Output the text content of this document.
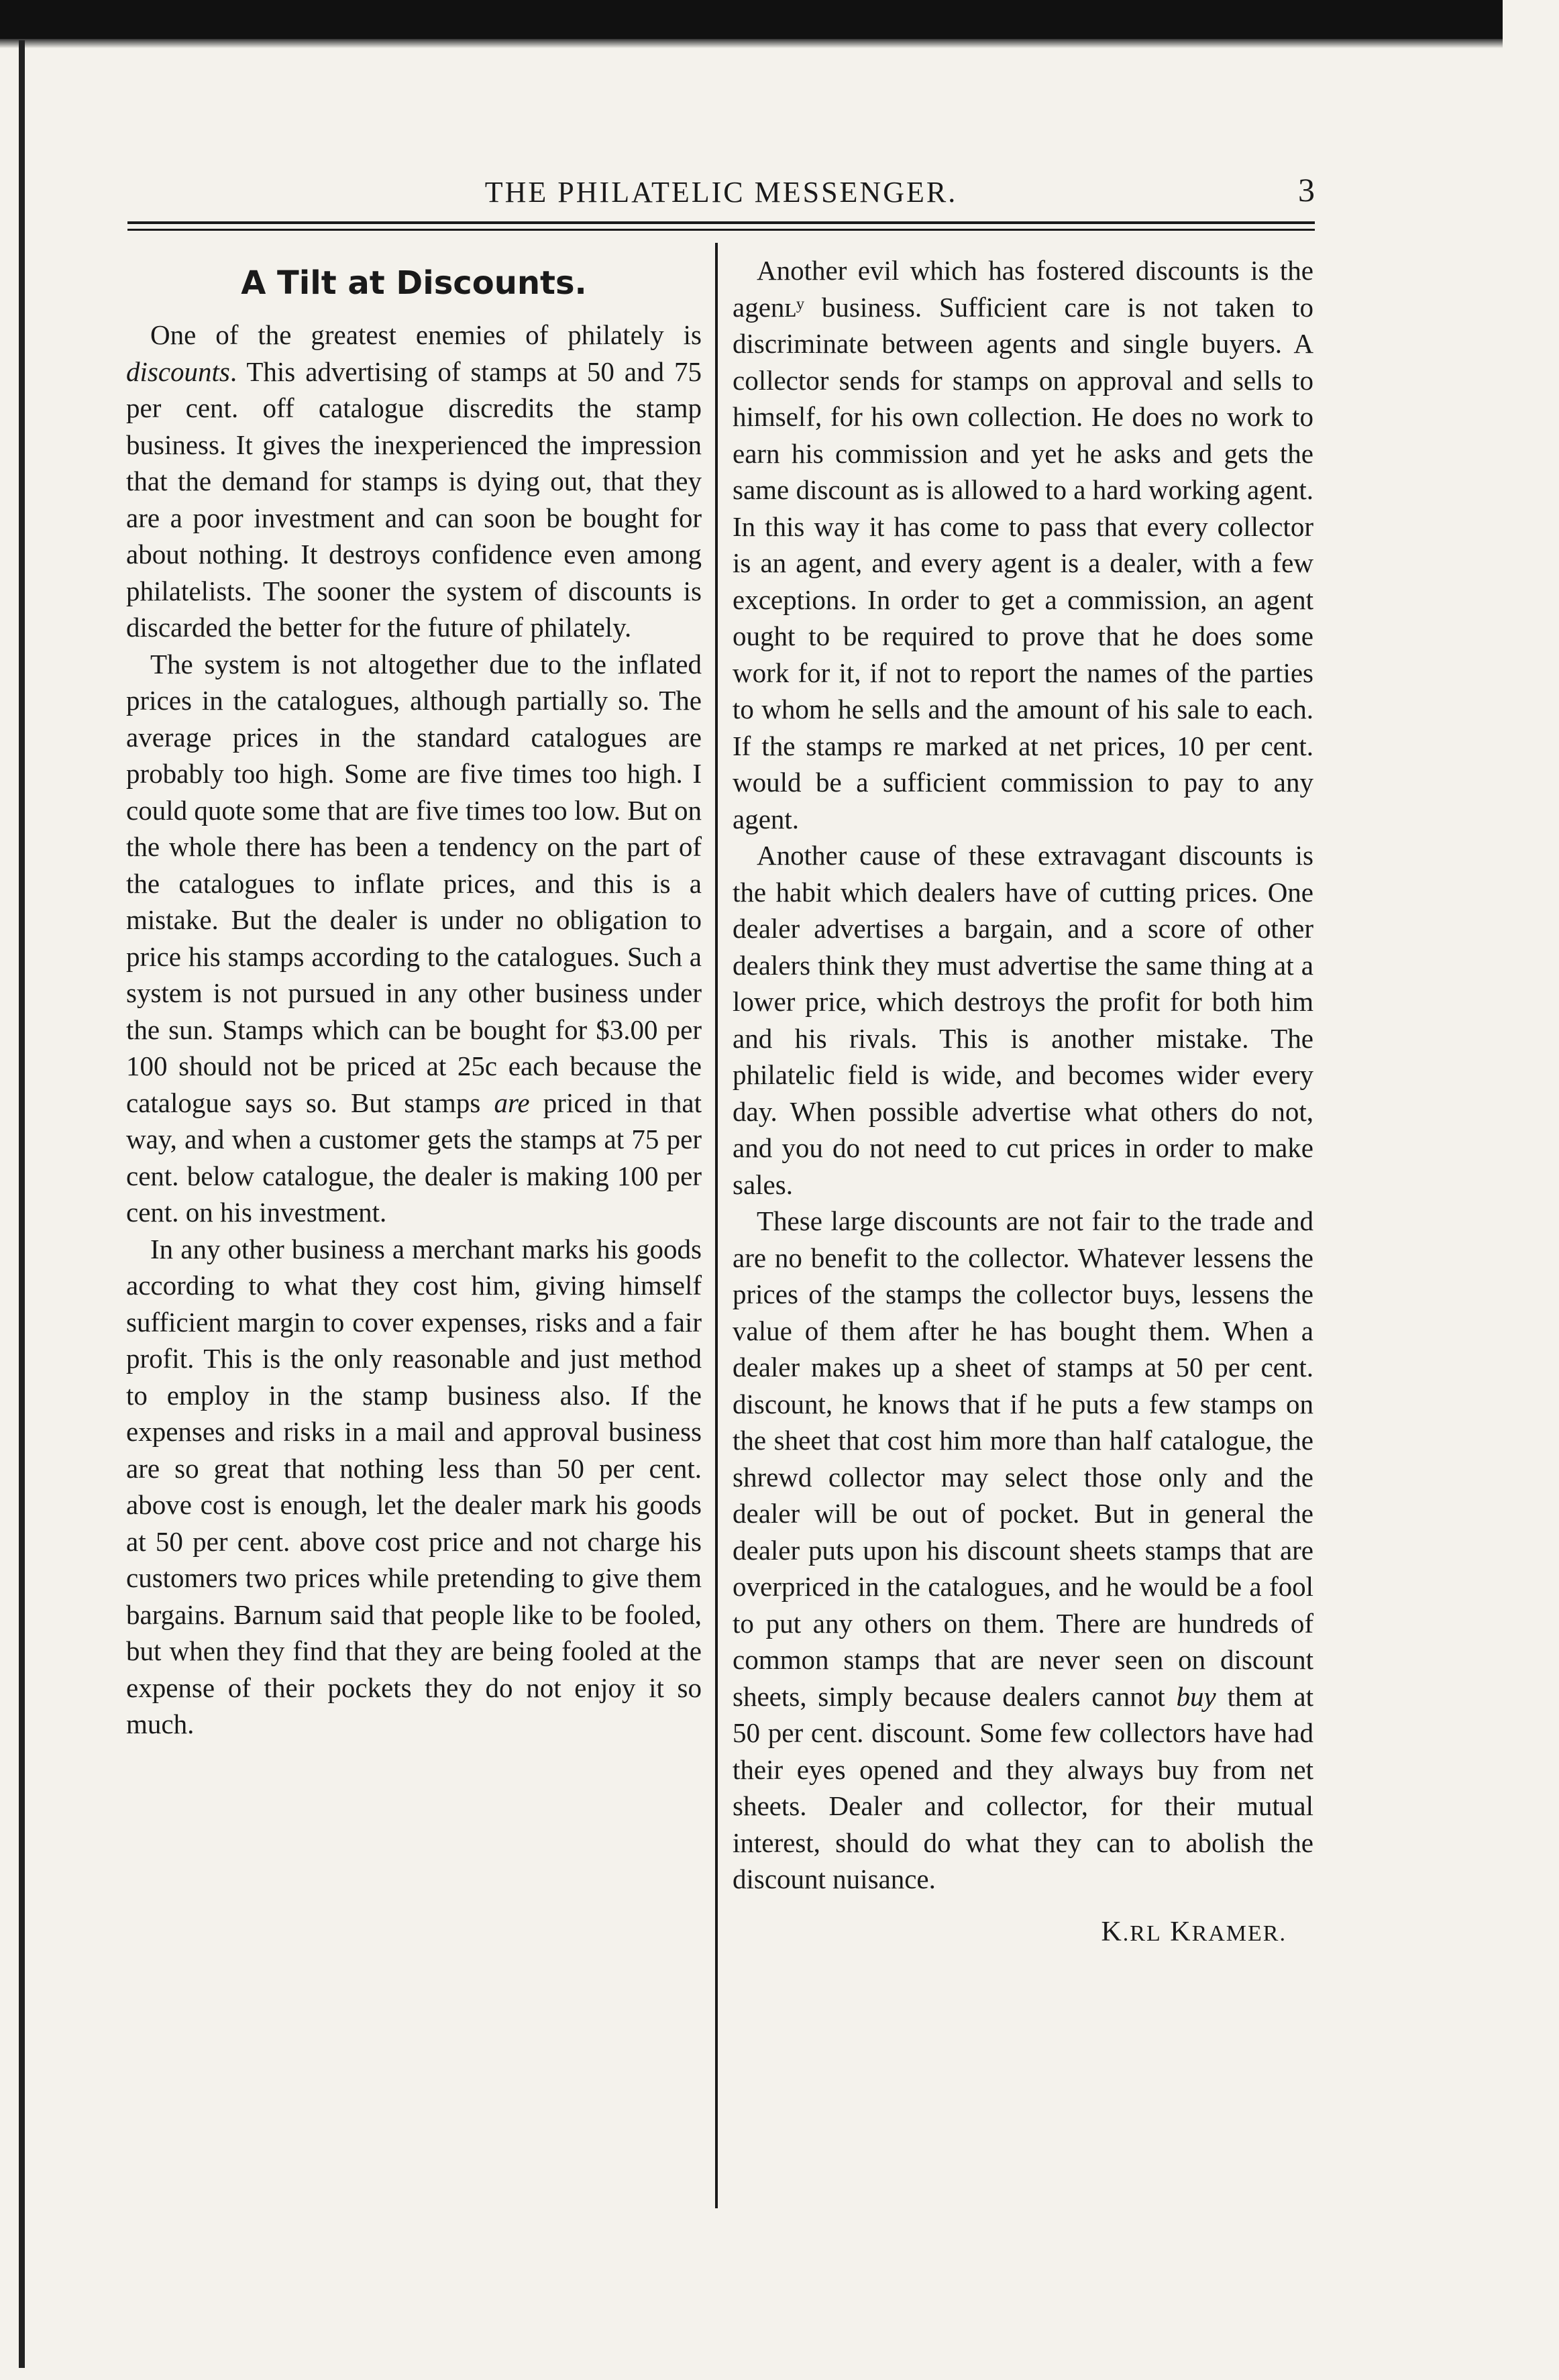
THE PHILATELIC MESSENGER.	3
A Tilt at Discounts.

One of the greatest enemies of philately is discounts. This advertising of stamps at 50 and 75 per cent. off catalogue discredits the stamp business. It gives the inexperienced the impression that the demand for stamps is dying out, that they are a poor investment and can soon be bought for about nothing. It destroys confidence even among philatelists. The sooner the system of discounts is discarded the better for the future of philately.

The system is not altogether due to the inflated prices in the catalogues, although partially so. The average prices in the standard catalogues are probably too high. Some are five times too high. I could quote some that are five times too low. But on the whole there has been a tendency on the part of the catalogues to inflate prices, and this is a mistake. But the dealer is under no obligation to price his stamps according to the catalogues. Such a system is not pursued in any other business under the sun. Stamps which can be bought for $3.00 per 100 should not be priced at 25c each because the catalogue says so. But stamps are priced in that way, and when a customer gets the stamps at 75 per cent. below catalogue, the dealer is making 100 per cent. on his investment.

In any other business a merchant marks his goods according to what they cost him, giving himself sufficient margin to cover expenses, risks and a fair profit. This is the only reasonable and just method to employ in the stamp business also. If the expenses and risks in a mail and approval business are so great that nothing less than 50 per cent. above cost is enough, let the dealer mark his goods at 50 per cent. above cost price and not charge his customers two prices while pretending to give them bargains. Barnum said that people like to be fooled, but when they find that they are being fooled at the expense of their pockets they do not enjoy it so much.

Another evil which has fostered discounts is the agenʟʸ business. Sufficient care is not taken to discriminate between agents and single buyers. A collector sends for stamps on approval and sells to himself, for his own collection. He does no work to earn his commission and yet he asks and gets the same discount as is allowed to a hard working agent. In this way it has come to pass that every collector is an agent, and every agent is a dealer, with a few exceptions. In order to get a commission, an agent ought to be required to prove that he does some work for it, if not to report the names of the parties to whom he sells and the amount of his sale to each. If the stamps re marked at net prices, 10 per cent. would be a sufficient commission to pay to any agent.

Another cause of these extravagant discounts is the habit which dealers have of cutting prices. One dealer advertises a bargain, and a score of other dealers think they must advertise the same thing at a lower price, which destroys the profit for both him and his rivals. This is another mistake. The philatelic field is wide, and becomes wider every day. When possible advertise what others do not, and you do not need to cut prices in order to make sales.

These large discounts are not fair to the trade and are no benefit to the collector. Whatever lessens the prices of the stamps the collector buys, lessens the value of them after he has bought them. When a dealer makes up a sheet of stamps at 50 per cent. discount, he knows that if he puts a few stamps on the sheet that cost him more than half catalogue, the shrewd collector may select those only and the dealer will be out of pocket. But in general the dealer puts upon his discount sheets stamps that are overpriced in the catalogues, and he would be a fool to put any others on them. There are hundreds of common stamps that are never seen on discount sheets, simply because dealers cannot buy them at 50 per cent. discount. Some few collectors have had their eyes opened and they always buy from net sheets. Dealer and collector, for their mutual interest, should do what they can to abolish the discount nuisance.

K.RL KRAMER.
